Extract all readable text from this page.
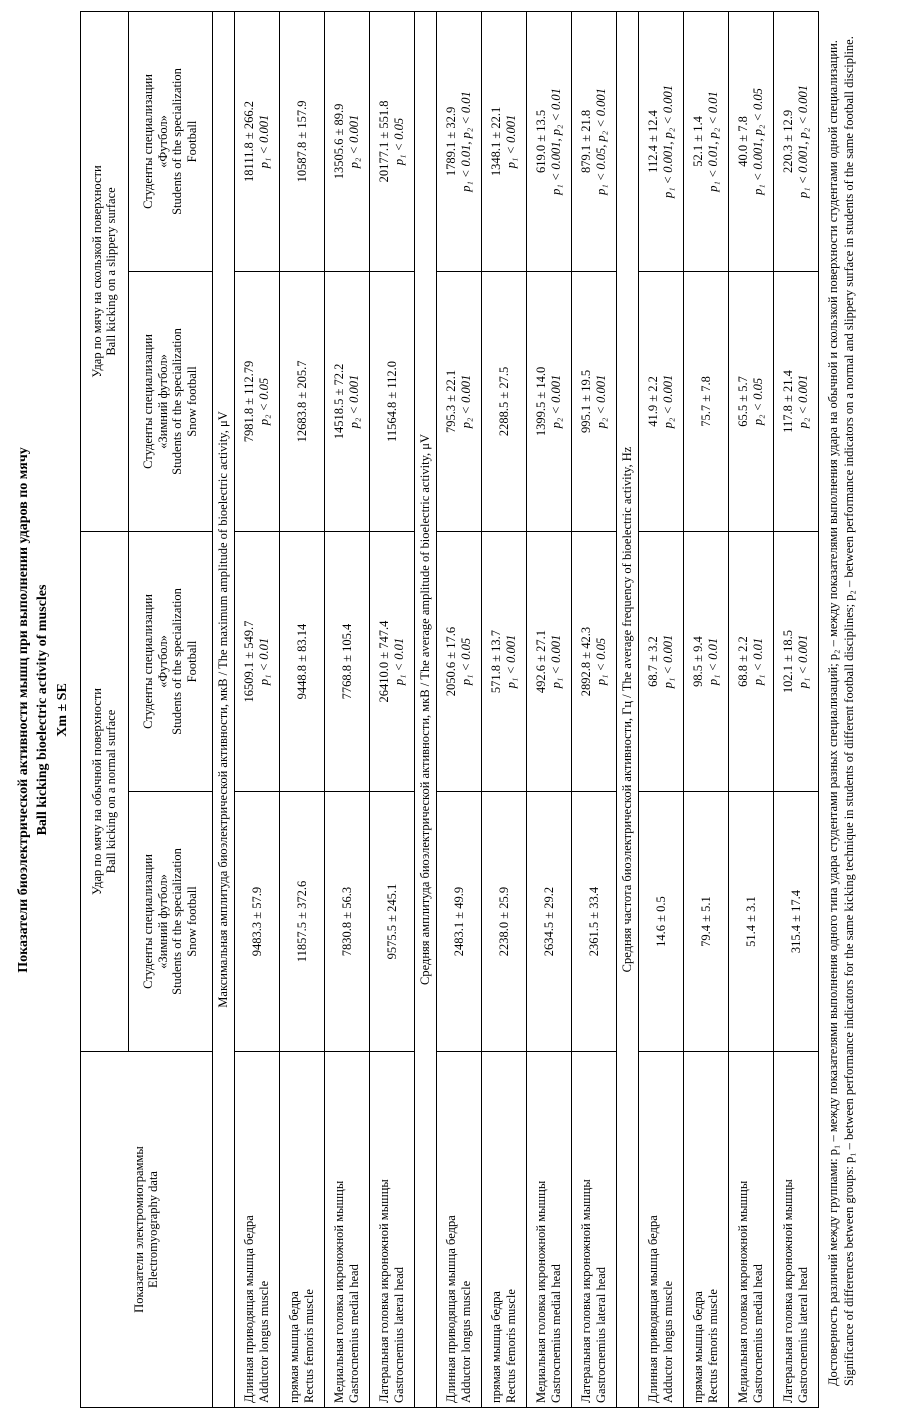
Показатели биоэлектрической активности мышц при выполнении ударов по мячу Ball kicking bioelectric activity of muscles Xm ± SE
Показатели электромиограммы Electromyography data

Удар по мячу на обычной поверхности Ball kicking on a normal surface

Удар по мячу на скользкой поверхности Ball kicking on a slippery surface

Студенты специализации «Зимний футбол» Students of the specialization Snow football

Студенты специализации «Футбол» Students of the specialization Football

Студенты специализации «Зимний футбол» Students of the specialization Snow football

Студенты специализации «Футбол» Students of the specialization Football

Максимальная амплитуда биоэлектрической активности, мкВ / The maximum amplitude of bioelectric activity, μV				

Длинная приводящая мышца бедра Adductor longus muscle

9483.3 ± 57.9

16509.1 ± 549.7 p₁ < 0.01

7981.8 ± 112.79 p₂ < 0.05

18111.8 ± 266.2 p₁ < 0.001

прямая мышца бедра Rectus femoris muscle	11857.5 ± 372.6	9448.8 ± 83.14	12683.8 ± 205.7	10587.8 ± 157.9

Медиальная головка икроножной мышцы Gastrocnemius medial head

7830.8 ± 56.3

7768.8 ± 105.4

14518.5 ± 72.2 p₂ < 0.001

13505.6 ± 89.9 p₂ < 0.001

Латеральная головка икроножной мышцы Gastrocnemius lateral head

9575.5 ± 245.1

26410.0 ± 747.4 p₁ < 0.01

11564.8 ± 112.0

20177.1 ± 551.8 p₁ < 0.05

Средняя амплитуда биоэлектрической активности, мкВ / The average amplitude of bioelectric activity, μV				

Длинная приводящая мышца бедра Adductor longus muscle

2483.1 ± 49.9

2050.6 ± 17.6 p₁ < 0.05

795.3 ± 22.1 p₂ < 0.001

1789.1 ± 32.9 p₁ < 0.01, p₂ < 0.01

прямая мышца бедра Rectus femoris muscle

2238.0 ± 25.9

571.8 ± 13.7 p₁ < 0.001

2288.5 ± 27.5

1348.1 ± 22.1 p₁ < 0.001

Медиальная головка икроножной мышцы Gastrocnemius medial head

2634.5 ± 29.2

492.6 ± 27.1 p₁ < 0.001

1399.5 ± 14.0 p₂ < 0.001

619.0 ± 13.5 p₁ < 0.001, p₂ < 0.01

Латеральная головка икроножной мышцы Gastrocnemius lateral head

2361.5 ± 33.4

2892.8 ± 42.3 p₁ < 0.05

995.1 ± 19.5 p₂ < 0.001

879.1 ± 21.8 p₁ < 0.05, p₂ < 0.001

Средняя частота биоэлектрической активности, Гц / The average frequency of bioelectric activity, Hz				

Длинная приводящая мышца бедра Adductor longus muscle

14.6 ± 0.5

68.7 ± 3.2 p₁ < 0.001

41.9 ± 2.2 p₂ < 0.001

112.4 ± 12.4 p₁ < 0.001, p₂ < 0.001

прямая мышца бедра Rectus femoris muscle

79.4 ± 5.1

98.5 ± 9.4 p₁ < 0.01

75.7 ± 7.8

52.1 ± 1.4 p₁ < 0.01, p₂ < 0.01

Медиальная головка икроножной мышцы Gastrocnemius medial head

51.4 ± 3.1

68.8 ± 2.2 p₁ < 0.01

65.5 ± 5.7 p₂ < 0.05

40.0 ± 7.8 p₁ < 0.001, p₂ < 0.05

Латеральная головка икроножной мышцы Gastrocnemius lateral head

315.4 ± 17.4

102.1 ± 18.5 p₁ < 0.001

117.8 ± 21.4 p₂ < 0.001

220.3 ± 12.9 p₁ < 0.001, p₂ < 0.001 Достоверность различий между группами: p₁ – между показателями выполнения одного типа удара студентами разных специализаций; p₂ – между показателями выполнения удара на обычной и скользкой поверхности студентами одной специализации. Significance of differences between groups: p₁ – between performance indicators for the same kicking technique in students of different football disciplines; p₂ – between performance indicators on a normal and slippery surface in students of the same football discipline.
